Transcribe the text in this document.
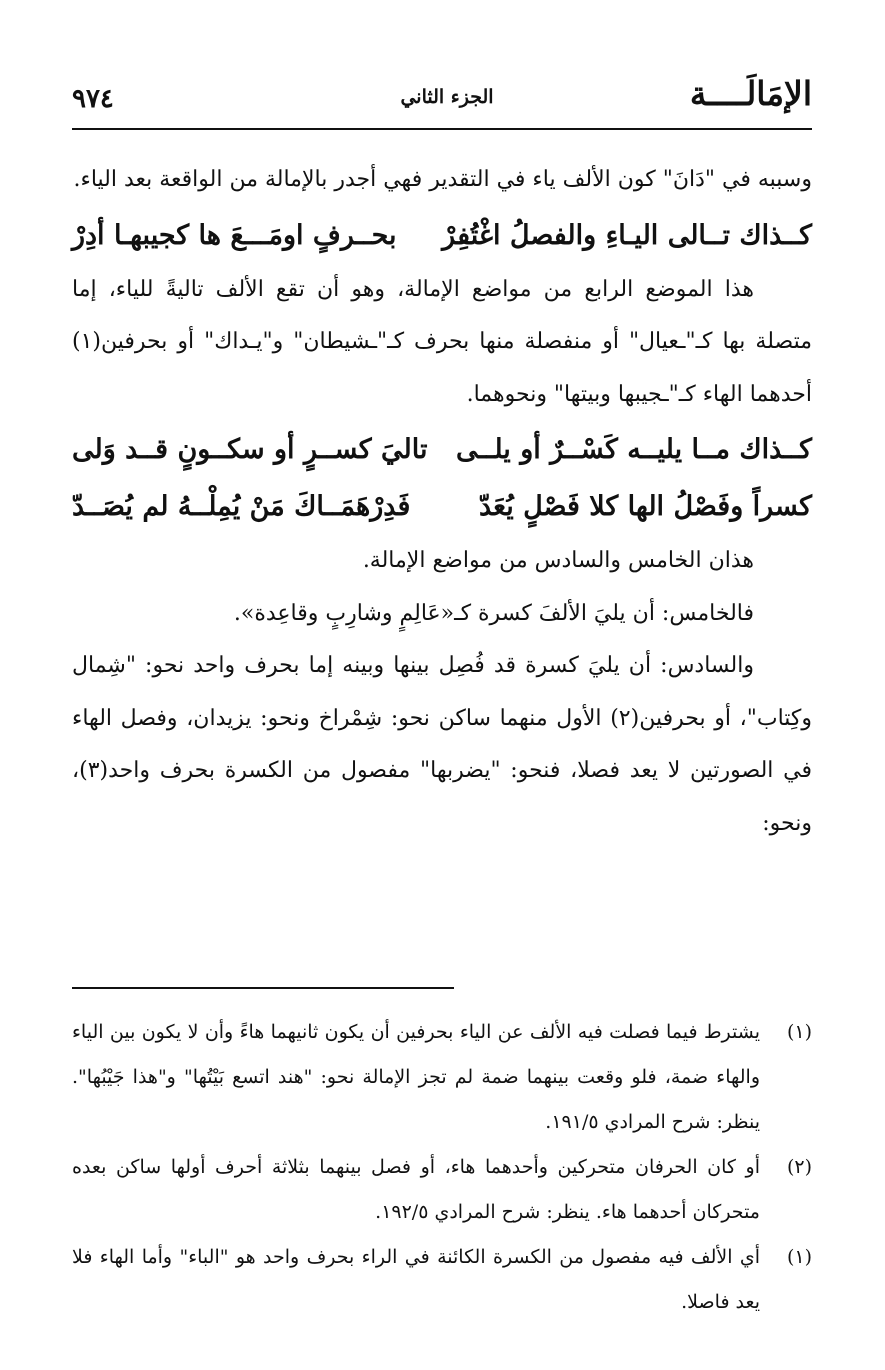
الإمَالَــــة
الجزء الثاني
٩٧٤

وسببه في "دَانَ" كون الألف ياء في التقدير فهي أجدر بالإمالة من الواقعة بعد الياء.

كــذاك تــالى اليـاءِ والفصلُ اغْتُفِرْ
بحــرفٍ اومَـــعَ ها كجيبهـا أدِرْ

هذا الموضع الرابع من مواضع الإمالة، وهو أن تقع الألف تاليةً للياء، إما متصلة بها كـ"ـعيال" أو منفصلة منها بحرف كـ"ـشيطان" و"يـداك" أو بحرفين(١) أحدهما الهاء كـ"ـجيبها وبيتها" ونحوهما.

كــذاك مــا يليــه كَسْــرٌ أو يلــى
تاليَ كســرٍ أو سكــونٍ قــد وَلى
كسراً وفَصْلُ الها كلا فَصْلٍ يُعَدّ
فَدِرْهَمَــاكَ مَنْ يُمِلْــهُ لم يُصَــدّ

هذان الخامس والسادس من مواضع الإمالة.

فالخامس: أن يليَ الألفَ كسرة كـ«عَالِمٍ وشارِبٍ وقاعِدة».

والسادس: أن يليَ كسرة قد فُصِل بينها وبينه إما بحرف واحد نحو: "شِمال وكِتاب"، أو بحرفين(٢) الأول منهما ساكن نحو: شِمْراخ ونحو: يزيدان، وفصل الهاء في الصورتين لا يعد فصلا، فنحو: "يضربها" مفصول من الكسرة بحرف واحد(٣)، ونحو:

(١)
يشترط فيما فصلت فيه الألف عن الياء بحرفين أن يكون ثانيهما هاءً وأن لا يكون بين الياء والهاء ضمة، فلو وقعت بينهما ضمة لم تجز الإمالة نحو: "هند اتسع بَيْتُها" و"هذا جَيْبُها". ينظر: شرح المرادي ١٩١/٥.
(٢)
أو كان الحرفان متحركين وأحدهما هاء، أو فصل بينهما بثلاثة أحرف أولها ساكن بعده متحركان أحدهما هاء. ينظر: شرح المرادي ١٩٢/٥.
(١)
أي الألف فيه مفصول من الكسرة الكائنة في الراء بحرف واحد هو "الباء" وأما الهاء فلا يعد فاصلا.
